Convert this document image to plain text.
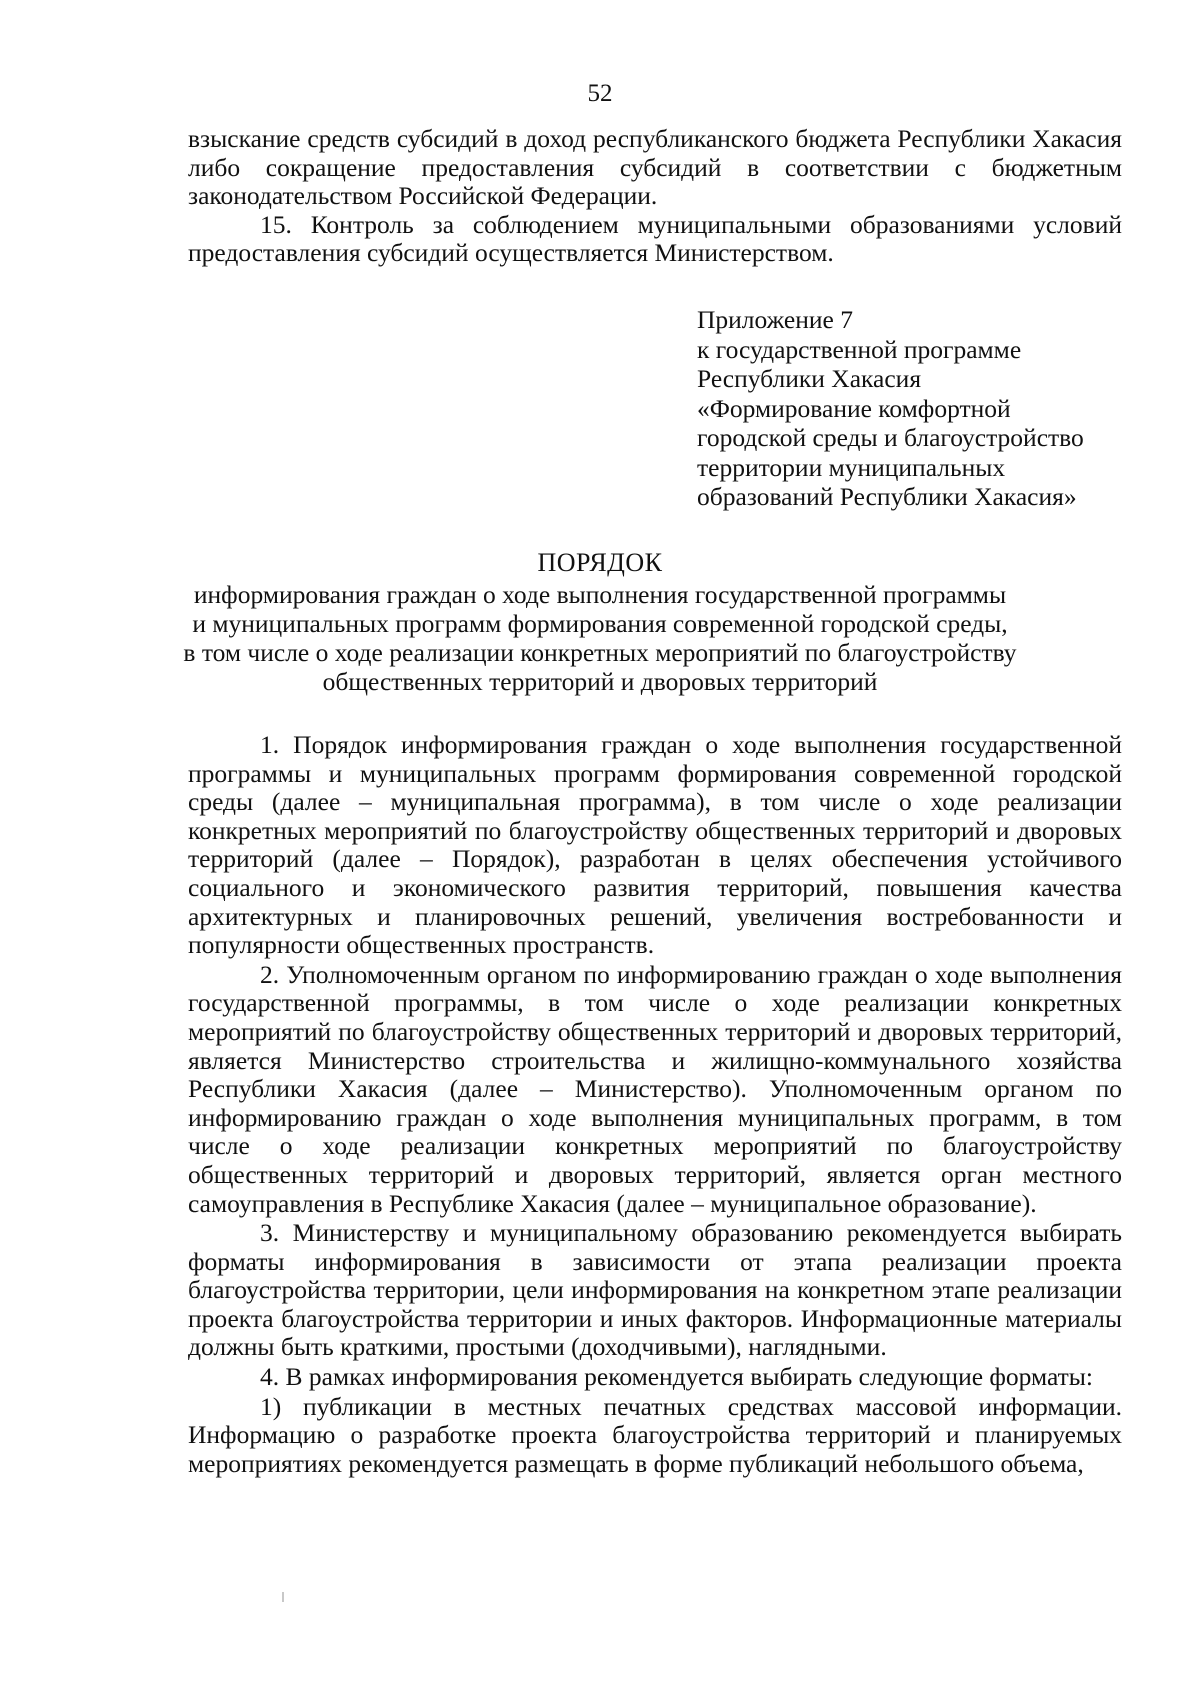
52

взыскание средств субсидий в доход республиканского бюджета Республики Хакасия либо сокращение предоставления субсидий в соответствии с бюджетным законодательством Российской Федерации.

15. Контроль за соблюдением муниципальными образованиями условий предоставления субсидий осуществляется Министерством.

Приложение 7
к государственной программе
Республики Хакасия
«Формирование комфортной
городской среды и благоустройство
территории муниципальных
образований Республики Хакасия»
ПОРЯДОК
информирования граждан о ходе выполнения государственной программы
и муниципальных программ формирования современной городской среды,
в том числе о ходе реализации конкретных мероприятий по благоустройству
общественных территорий и дворовых территорий

1. Порядок информирования граждан о ходе выполнения государственной программы и муниципальных программ формирования современной городской среды (далее – муниципальная программа), в том числе о ходе реализации конкретных мероприятий по благоустройству общественных территорий и дворовых территорий (далее – Порядок), разработан в целях обеспечения устойчивого социального и экономического развития территорий, повышения качества архитектурных и планировочных решений, увеличения востребованности и популярности общественных пространств.

2. Уполномоченным органом по информированию граждан о ходе выполнения государственной программы, в том числе о ходе реализации конкретных мероприятий по благоустройству общественных территорий и дворовых территорий, является Министерство строительства и жилищно-коммунального хозяйства Республики Хакасия (далее – Министерство). Уполномоченным органом по информированию граждан о ходе выполнения муниципальных программ, в том числе о ходе реализации конкретных мероприятий по благоустройству общественных территорий и дворовых территорий, является орган местного самоуправления в Республике Хакасия (далее – муниципальное образование).

3. Министерству и муниципальному образованию рекомендуется выбирать форматы информирования в зависимости от этапа реализации проекта благоустройства территории, цели информирования на конкретном этапе реализации проекта благоустройства территории и иных факторов. Информационные материалы должны быть краткими, простыми (доходчивыми), наглядными.

4. В рамках информирования рекомендуется выбирать следующие форматы:

1) публикации в местных печатных средствах массовой информации. Информацию о разработке проекта благоустройства территорий и планируемых мероприятиях рекомендуется размещать в форме публикаций небольшого объема,
